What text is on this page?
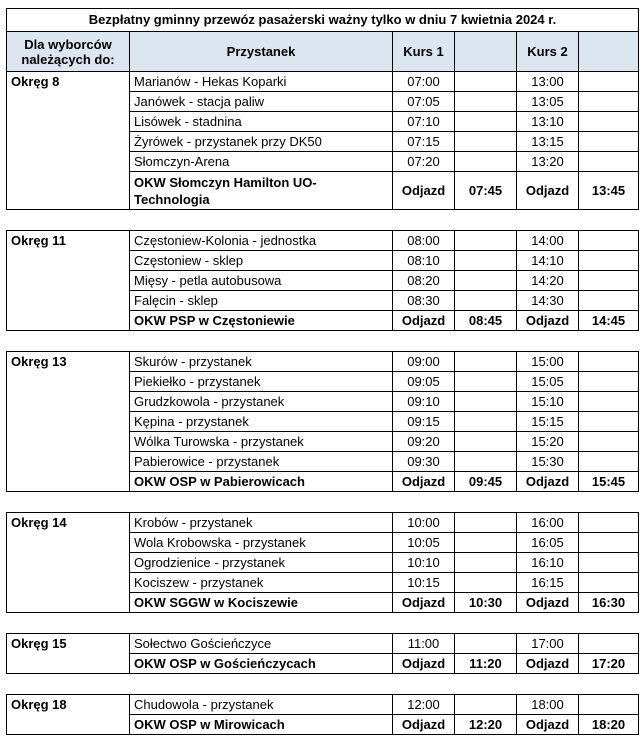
Bezpłatny gminny przewóz pasażerski ważny tylko w dniu 7 kwietnia 2024 r.					
Dla wyborców należących do:	Przystanek	Kurs 1		Kurs 2	
Okręg 8	Marianów - Hekas Koparki	07:00		13:00	
	Janówek - stacja paliw	07:05		13:05	
	Lisówek - stadnina	07:10		13:10	
	Żyrówek - przystanek przy DK50	07:15		13:15	
	Słomczyn-Arena	07:20		13:20	
	OKW Słomczyn Hamilton UO-Technologia	Odjazd	07:45	Odjazd	13:45

Okręg 11	Częstoniew-Kolonia - jednostka	08:00		14:00	
	Częstoniew - sklep	08:10		14:10	
	Mięsy - petla autobusowa	08:20		14:20	
	Falęcin - sklep	08:30		14:30	
	OKW PSP w Częstoniewie	Odjazd	08:45	Odjazd	14:45

Okręg 13	Skurów - przystanek	09:00		15:00	
	Piekiełko - przystanek	09:05		15:05	
	Grudzkowola - przystanek	09:10		15:10	
	Kępina - przystanek	09:15		15:15	
	Wólka Turowska - przystanek	09:20		15:20	
	Pabierowice - przystanek	09:30		15:30	
	OKW OSP w Pabierowicach	Odjazd	09:45	Odjazd	15:45

Okręg 14	Krobów - przystanek	10:00		16:00	
	Wola Krobowska - przystanek	10:05		16:05	
	Ogrodzienice - przystanek	10:10		16:10	
	Kociszew - przystanek	10:15		16:15	
	OKW SGGW w Kociszewie	Odjazd	10:30	Odjazd	16:30

Okręg 15	Sołectwo Gościeńczyce	11:00		17:00	
	OKW OSP w Gościeńczycach	Odjazd	11:20	Odjazd	17:20

Okręg 18	Chudowola - przystanek	12:00		18:00	
	OKW OSP w Mirowicach	Odjazd	12:20	Odjazd	18:20
